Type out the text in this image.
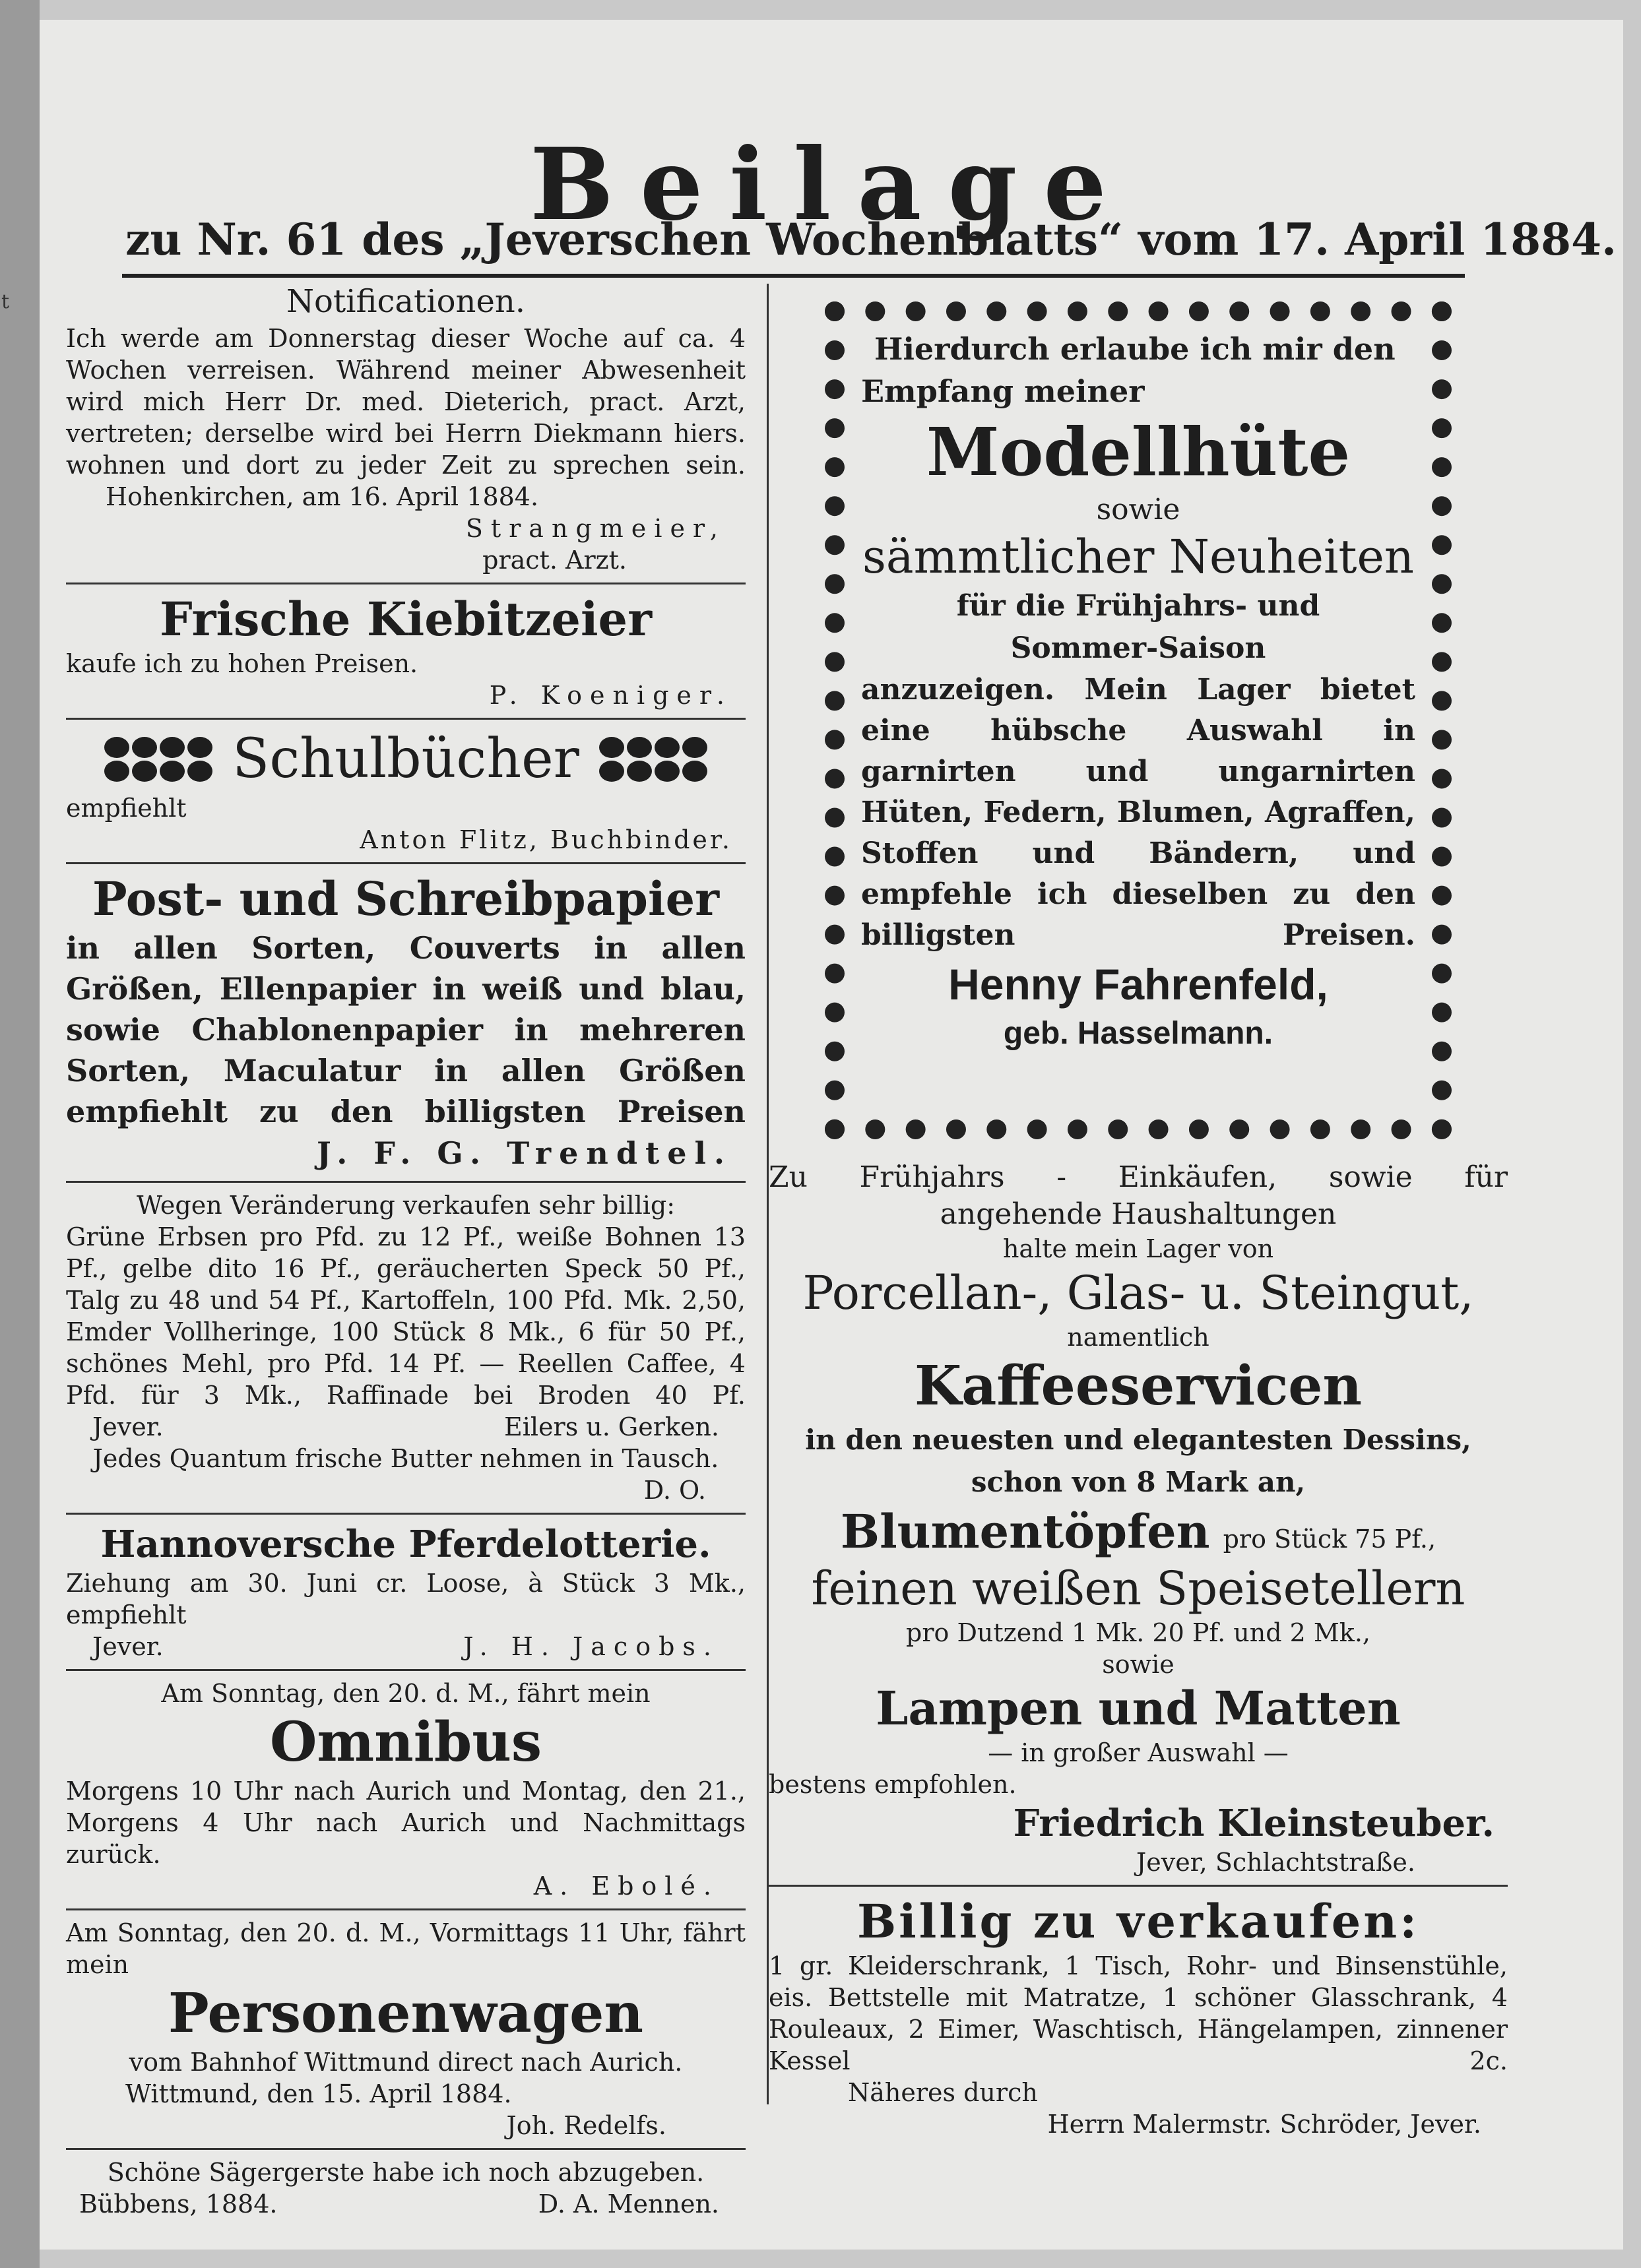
t
Beilage
zu Nr. 61 des „Jeverschen Wochenblatts“ vom 17. April 1884.
Notificationen.
Ich werde am Donnerstag dieser Woche auf ca. 4 Wochen verreisen. Während meiner Abwesenheit wird mich Herr Dr. med. Dieterich, pract. Arzt, vertreten; derselbe wird bei Herrn Diekmann hiers. wohnen und dort zu jeder Zeit zu sprechen sein.
Hohenkirchen, am 16. April 1884.
Strangmeier,
pract. Arzt.
Frische Kiebitzeier
kaufe ich zu hohen Preisen.
P. Koeniger.
Schulbücher
empfiehlt
Anton Flitz, Buchbinder.
Post- und Schreibpapier
in allen Sorten, Couverts in allen Größen, Ellenpapier in weiß und blau, sowie Chablonenpapier in mehreren Sorten, Maculatur in allen Größen empfiehlt zu den billigsten Preisen
J. F. G. Trendtel.
Wegen Veränderung verkaufen sehr billig:
Grüne Erbsen pro Pfd. zu 12 Pf., weiße Bohnen 13 Pf., gelbe dito 16 Pf., geräucherten Speck 50 Pf., Talg zu 48 und 54 Pf., Kartoffeln, 100 Pfd. Mk. 2,50, Emder Vollheringe, 100 Stück 8 Mk., 6 für 50 Pf., schönes Mehl, pro Pfd. 14 Pf. — Reellen Caffee, 4 Pfd. für 3 Mk., Raffinade bei Broden 40 Pf.
Jever.	Eilers u. Gerken.
Jedes Quantum frische Butter nehmen in Tausch.
D. O.
Hannoversche Pferdelotterie.
Ziehung am 30. Juni cr. Loose, à Stück 3 Mk., empfiehlt
Jever.	J. H. Jacobs.
Am Sonntag, den 20. d. M., fährt mein
Omnibus
Morgens 10 Uhr nach Aurich und Montag, den 21., Morgens 4 Uhr nach Aurich und Nachmittags zurück.
A. Ebolé.
Am Sonntag, den 20. d. M., Vormittags 11 Uhr, fährt mein
Personenwagen
vom Bahnhof Wittmund direct nach Aurich.
Wittmund, den 15. April 1884.
Joh. Redelfs.
Schöne Sägergerste habe ich noch abzugeben.
Bübbens, 1884.	D. A. Mennen.
Hierdurch erlaube ich mir den
Empfang meiner
Modellhüte
sowie
sämmtlicher Neuheiten
für die Frühjahrs- und
Sommer-Saison
anzuzeigen. Mein Lager bietet eine hübsche Auswahl in garnirten und ungarnirten Hüten, Federn, Blumen, Agraffen, Stoffen und Bändern, und empfehle ich dieselben zu den billigsten Preisen.
Henny Fahrenfeld,
geb. Hasselmann.
Zu Frühjahrs - Einkäufen, sowie für
angehende Haushaltungen
halte mein Lager von
Porcellan-, Glas- u. Steingut,
namentlich
Kaffeeservicen
in den neuesten und elegantesten Dessins,
schon von 8 Mark an,
Blumentöpfen pro Stück 75 Pf.,
feinen weißen Speisetellern
pro Dutzend 1 Mk. 20 Pf. und 2 Mk.,
sowie
Lampen und Matten
— in großer Auswahl —
bestens empfohlen.
Friedrich Kleinsteuber.
Jever, Schlachtstraße.
Billig zu verkaufen:
1 gr. Kleiderschrank, 1 Tisch, Rohr- und Binsenstühle, eis. Bettstelle mit Matratze, 1 schöner Glasschrank, 4 Rouleaux, 2 Eimer, Waschtisch, Hängelampen, zinnener Kessel 2c.
Näheres durch
Herrn Malermstr. Schröder, Jever.
